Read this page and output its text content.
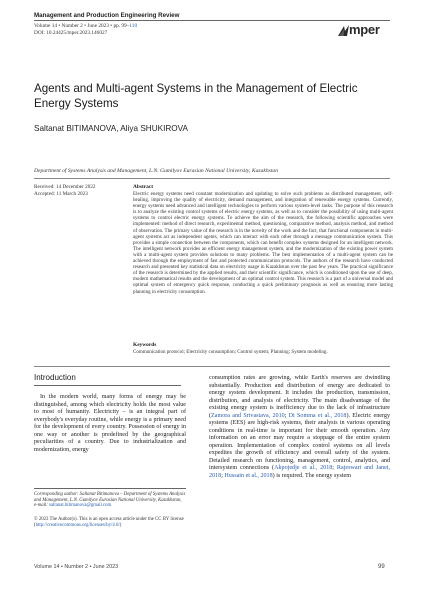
Management and Production Engineering Review
Volume 14 • Number 2 • June 2023 • pp. 99–110
DOI: 10.24425/mper.2023.146027	mper
Agents and Multi-agent Systems in the Management of Electric Energy Systems
Saltanat BITIMANOVA, Aliya SHUKIROVA
Department of Systems Analysis and Management, L.N. Gumilyov Eurasian National University, Kazakhstan
Received: 14 December 2022
Accepted: 11 March 2023
Abstract
Electric energy systems need constant modernization and updating to solve such problems as distributed management, self-healing, improving the quality of electricity, demand management, and integration of renewable energy systems. Currently, energy systems need advanced and intelligent technologies to perform various system-level tasks. The purpose of this research is to analyze the existing control systems of electric energy systems, as well as to consider the possibility of using multi-agent systems to control electric energy systems. To achieve the aim of the research, the following scientific approaches were implemented: method of direct research, experimental method, questioning, comparative method, analysis method, and method of observation. The primary value of the research is in the novelty of the work and the fact, that functional components in multi-agent systems act as independent agents, which can interact with each other through a message communication system. This provides a simple connection between the components, which can benefit complex systems designed for an intelligent network. The intelligent network provides an efficient energy management system, and the modernization of the existing power system with a multi-agent system provides solutions to many problems. The best implementation of a multi-agent system can be achieved through the employment of fast and protected communication protocols. The authors of the research have conducted research and presented key statistical data on electricity usage in Kazakhstan over the past few years. The practical significance of the research is determined by the applied results, and their scientific significance, which is conditioned upon the use of deep, modern mathematical results and the development of an optimal control system. This research is a part of a universal model and optimal system of emergency quick response, conducting a quick preliminary prognosis as well as ensuring more lasting planning in electricity consumption.
Keywords
Communication protocol; Electricity consumption; Control system; Planning; System modeling.
Introduction

In the modern world, many forms of energy may be distinguished, among which electricity holds the most value to most of humanity. Electricity – is an integral part of everybody's everyday routine, while energy is a primary need for the development of every country. Possession of energy in one way or another is predefined by the geographical peculiarities of a country. Due to industrialization and modernization, energy

consumption rates are growing, while Earth's reserves are dwindling substantially. Production and distribution of energy are dedicated to energy system development. It includes the production, transmission, distribution, and analysis of electricity. The main disadvantage of the existing energy system is inefficiency due to the lack of infrastructure (Zamora and Srivastava, 2010; Di Somma et al., 2018). Electric energy systems (EES) are high-risk systems, their analysis in various operating conditions in real-time is important for their smooth operation. Any information on an error may require a stoppage of the entire system operation. Implementation of complex control systems on all levels expedites the growth of efficiency and overall safety of the system. Detailed research on functioning, management, control, analytics, and intersystem connections (Akpojedje et al., 2018; Rajeswari and Janet, 2018; Hussain et al., 2018) is required. The energy system
Corresponding author: Saltanat Bitimanova – Department of Systems Analysis and Management, L.N. Gumilyov Eurasian National University, Kazakhstan, e-mail: saltanat.bitimanova@gmail.com
© 2023 The Author(s). This is an open access article under the CC BY license (http://creativecommons.org/licenses/by/4.0/)
Volume 14 • Number 2 • June 2023	99
